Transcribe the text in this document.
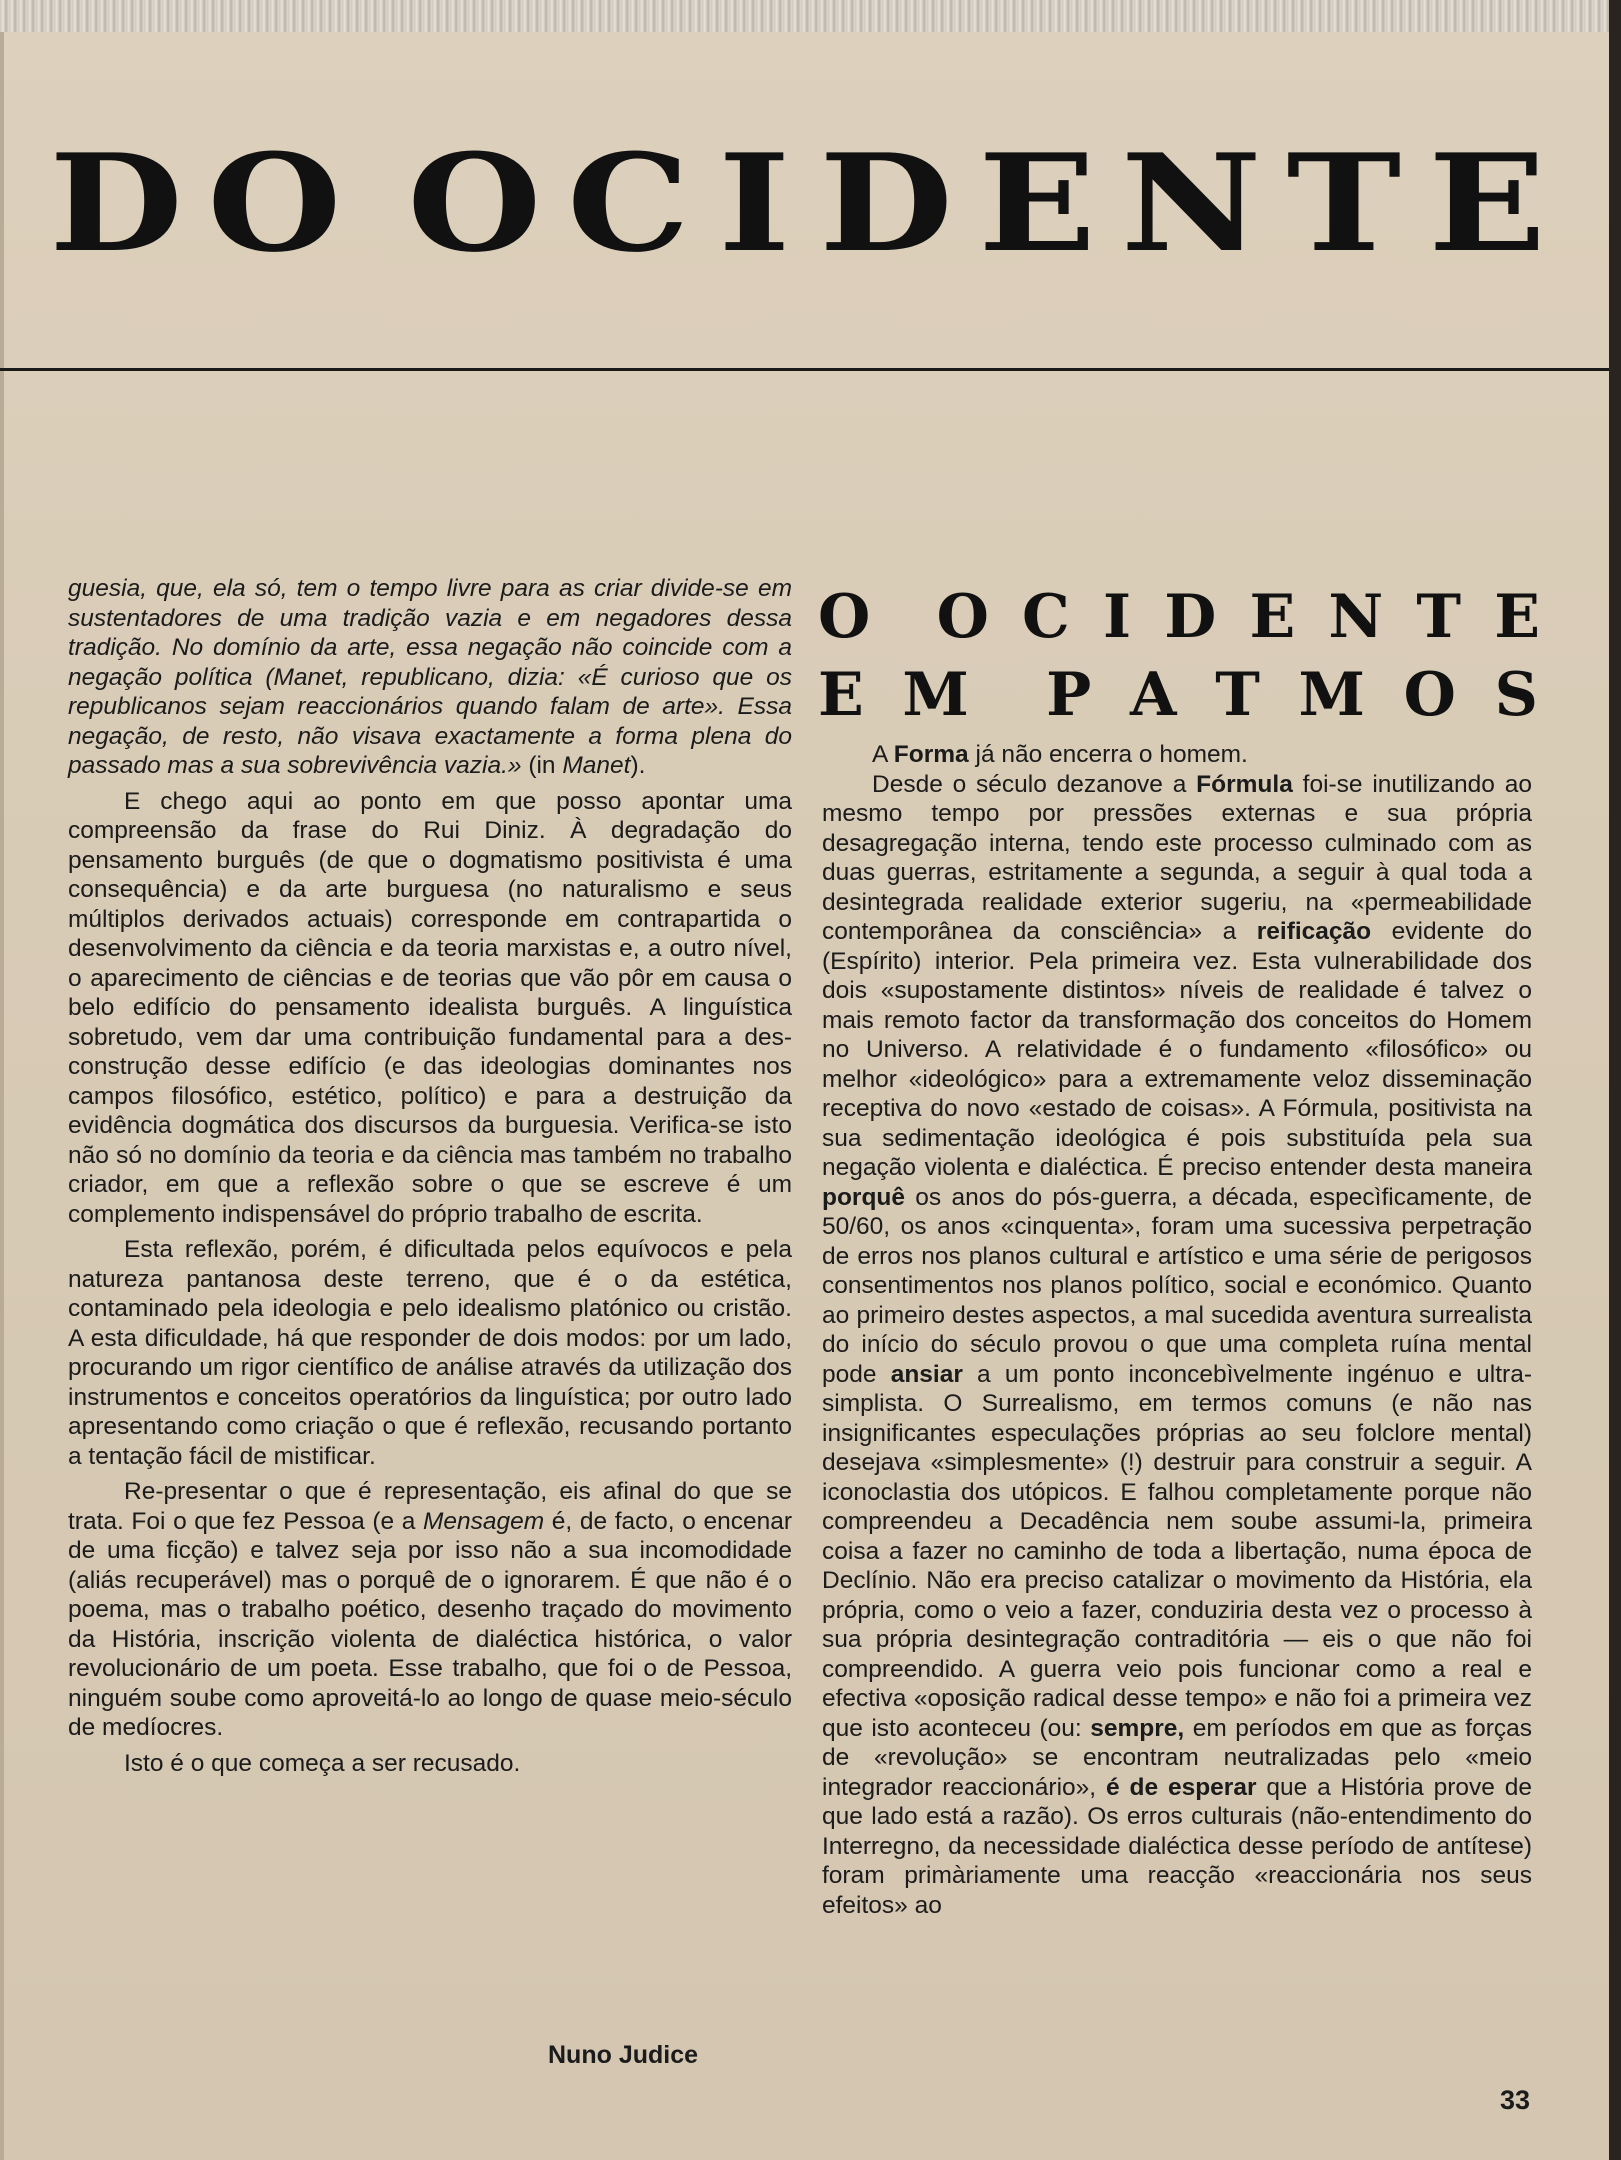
D O O C I D E N T E

guesia, que, ela só, tem o tempo livre para as criar divide-se em sustentadores de uma tradição vazia e em negadores dessa tradição. No domínio da arte, essa negação não coincide com a negação política (Manet, republicano, dizia: «É curioso que os republicanos sejam reaccionários quando falam de arte». Essa negação, de resto, não visava exactamente a forma plena do passado mas a sua sobrevivência vazia.» (in Manet).

E chego aqui ao ponto em que posso apontar uma compreensão da frase do Rui Diniz. À degradação do pensamento burguês (de que o dogmatismo positivista é uma consequência) e da arte burguesa (no naturalismo e seus múltiplos derivados actuais) corresponde em contrapartida o desenvolvimento da ciência e da teoria marxistas e, a outro nível, o aparecimento de ciências e de teorias que vão pôr em causa o belo edifício do pensamento idealista burguês. A linguística sobretudo, vem dar uma contribuição fundamental para a des-construção desse edifício (e das ideologias dominantes nos campos filosófico, estético, político) e para a destruição da evidência dogmática dos discursos da burguesia. Verifica-se isto não só no domínio da teoria e da ciência mas também no trabalho criador, em que a reflexão sobre o que se escreve é um complemento indispensável do próprio trabalho de escrita.

Esta reflexão, porém, é dificultada pelos equívocos e pela natureza pantanosa deste terreno, que é o da estética, contaminado pela ideologia e pelo idealismo platónico ou cristão. A esta dificuldade, há que responder de dois modos: por um lado, procurando um rigor científico de análise através da utilização dos instrumentos e conceitos operatórios da linguística; por outro lado apresentando como criação o que é reflexão, recusando portanto a tentação fácil de mistificar.

Re-presentar o que é representação, eis afinal do que se trata. Foi o que fez Pessoa (e a Mensagem é, de facto, o encenar de uma ficção) e talvez seja por isso não a sua incomodidade (aliás recuperável) mas o porquê de o ignorarem. É que não é o poema, mas o trabalho poético, desenho traçado do movimento da História, inscrição violenta de dialéctica histórica, o valor revolucionário de um poeta. Esse trabalho, que foi o de Pessoa, ninguém soube como aproveitá-lo ao longo de quase meio-século de medíocres.

Isto é o que começa a ser recusado.

Nuno Judice
O O C I D E N T E
E M P A T M O S

A Forma já não encerra o homem.

Desde o século dezanove a Fórmula foi-se inutilizando ao mesmo tempo por pressões externas e sua própria desagregação interna, tendo este processo culminado com as duas guerras, estritamente a segunda, a seguir à qual toda a desintegrada realidade exterior sugeriu, na «permeabilidade contemporânea da consciência» a reificação evidente do (Espírito) interior. Pela primeira vez. Esta vulnerabilidade dos dois «supostamente distintos» níveis de realidade é talvez o mais remoto factor da transformação dos conceitos do Homem no Universo. A relatividade é o fundamento «filosófico» ou melhor «ideológico» para a extremamente veloz disseminação receptiva do novo «estado de coisas». A Fórmula, positivista na sua sedimentação ideológica é pois substituída pela sua negação violenta e dialéctica. É preciso entender desta maneira porquê os anos do pós-guerra, a década, especìficamente, de 50/60, os anos «cinquenta», foram uma sucessiva perpetração de erros nos planos cultural e artístico e uma série de perigosos consentimentos nos planos político, social e económico. Quanto ao primeiro destes aspectos, a mal sucedida aventura surrealista do início do século provou o que uma completa ruína mental pode ansiar a um ponto inconcebìvelmente ingénuo e ultra-simplista. O Surrealismo, em termos comuns (e não nas insignificantes especulações próprias ao seu folclore mental) desejava «simplesmente» (!) destruir para construir a seguir. A iconoclastia dos utópicos. E falhou completamente porque não compreendeu a Decadência nem soube assumi-la, primeira coisa a fazer no caminho de toda a libertação, numa época de Declínio. Não era preciso catalizar o movimento da História, ela própria, como o veio a fazer, conduziria desta vez o processo à sua própria desintegração contraditória — eis o que não foi compreendido. A guerra veio pois funcionar como a real e efectiva «oposição radical desse tempo» e não foi a primeira vez que isto aconteceu (ou: sempre, em períodos em que as forças de «revolução» se encontram neutralizadas pelo «meio integrador reaccionário», é de esperar que a História prove de que lado está a razão). Os erros culturais (não-entendimento do Interregno, da necessidade dialéctica desse período de antítese) foram primàriamente uma reacção «reaccionária nos seus efeitos» ao

33
